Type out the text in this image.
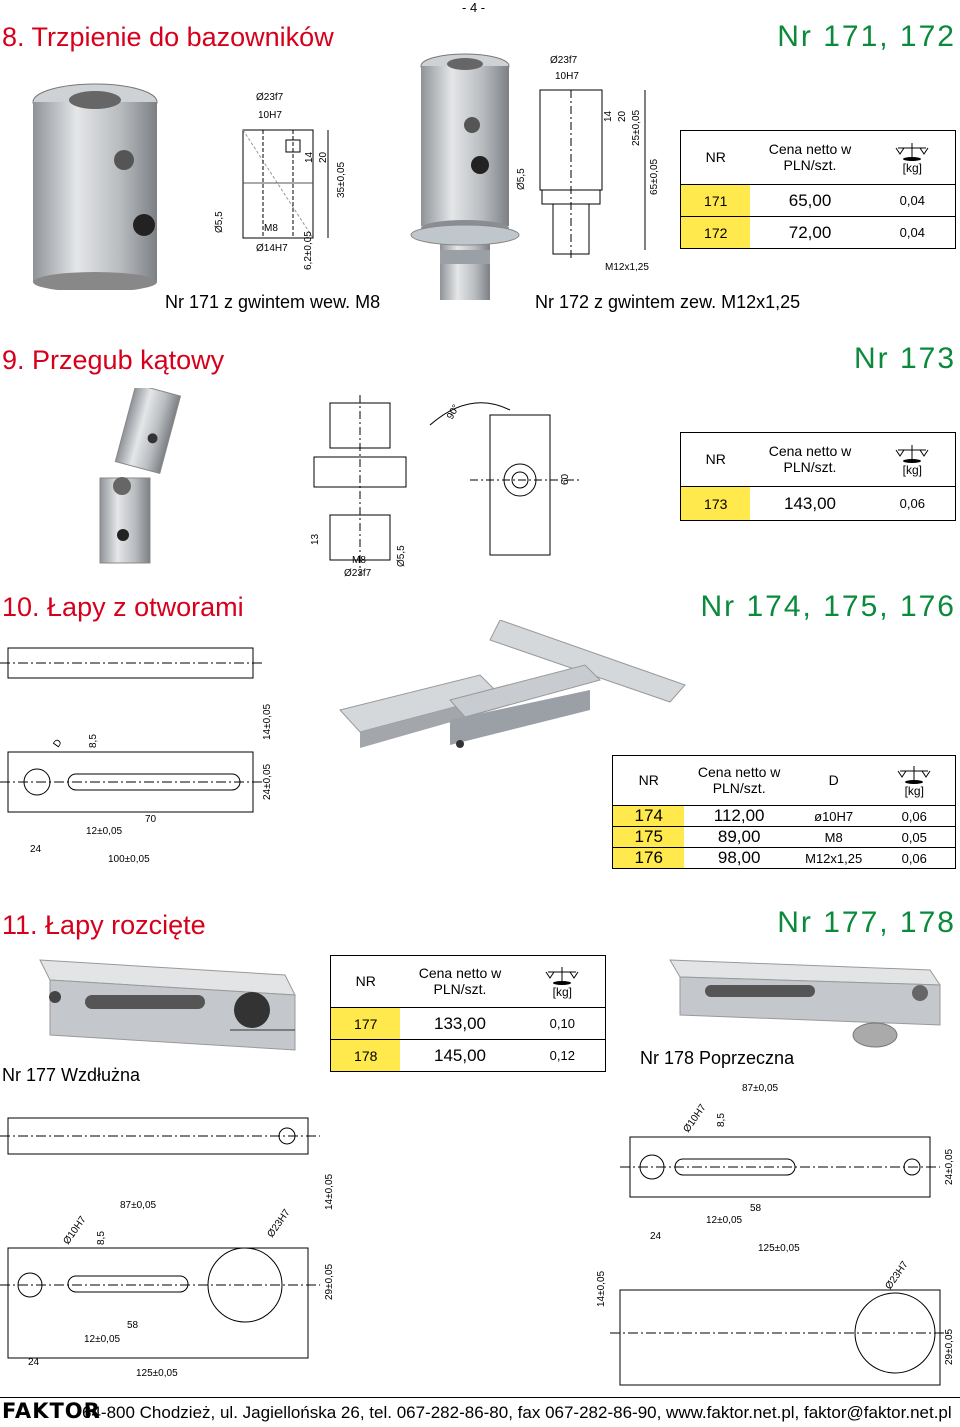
- 4 -
8. Trzpienie do bazowników	Nr 171, 172
Ø23f7
10H7
M8
Ø14H7
Ø5,5
6,2±0,05
14 20
35±0,05
Ø23f7
10H7
M12x1,25
Ø5,5
14 20 25±0,05
65±0,05
NR	Cena netto w PLN/szt.	[kg]

171	65,00	0,04
172	72,00	0,04
Nr 171 z gwintem wew. M8	Nr 172 z gwintem zew. M12x1,25
9. Przegub kątowy	Nr 173
90°
60
13
M8
Ø23f7
Ø5,5
NR	Cena netto w PLN/szt.	[kg]

173	143,00	0,06
10. Łapy z otworami	Nr 174, 175, 176
D 8,5
14±0,05
24±0,05
70
12±0,05
24
100±0,05
NR	Cena netto w PLN/szt.	D	[kg]

174	112,00	ø10H7	0,06
175	89,00	M8	0,05
176	98,00	M12x1,25	0,06
11. Łapy rozcięte	Nr 177, 178
NR	Cena netto w PLN/szt.	[kg]

177	133,00	0,10
178	145,00	0,12
Nr 177 Wzdłużna
Nr 178 Poprzeczna
87±0,05
Ø10H7 8,5	Ø23H7
14±0,05
29±0,05
58
12±0,05
24
125±0,05
87±0,05
Ø10H7 8,5
24±0,05
58
12±0,05
24
125±0,05
14±0,05	Ø23H7
29±0,05
FAKTOR
64-800 Chodzież, ul. Jagiellońska 26, tel. 067-282-86-80, fax 067-282-86-90, www.faktor.net.pl, faktor@faktor.net.pl
